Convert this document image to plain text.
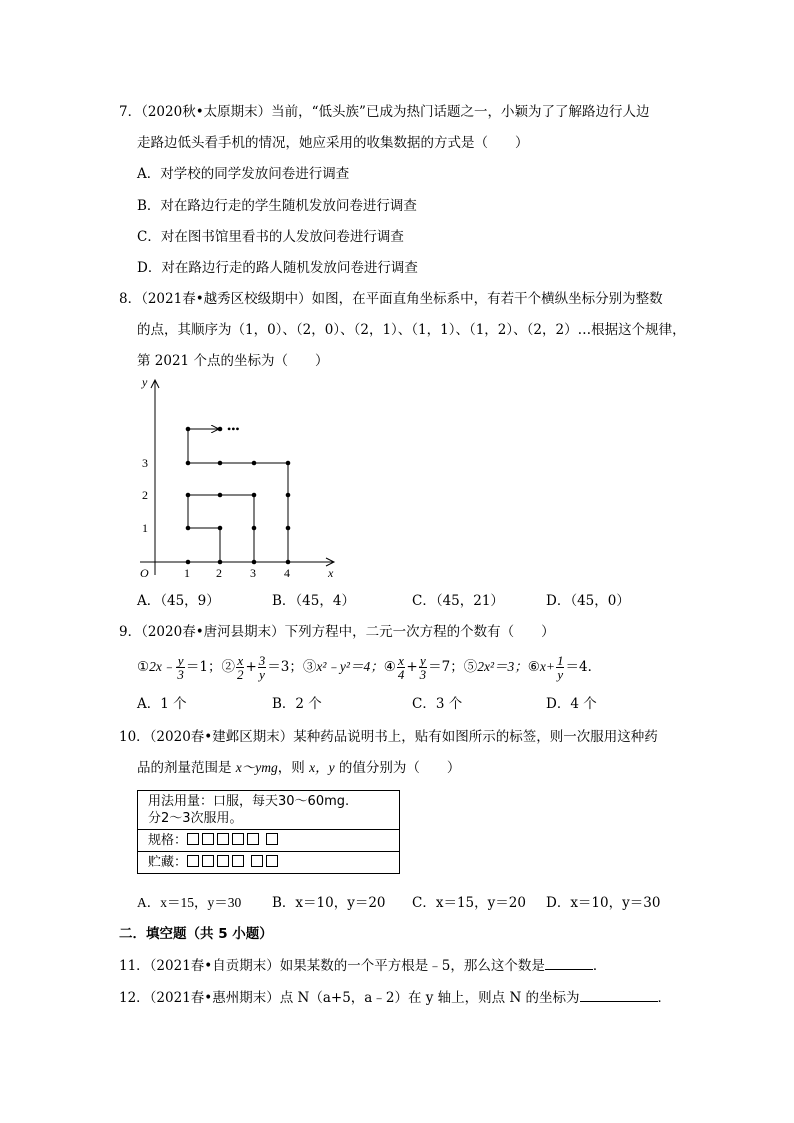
7．（2020秋•太原期末）当前，“低头族”已成为热门话题之一，小颖为了了解路边行人边
走路边低头看手机的情况，她应采用的收集数据的方式是（　　）
A．对学校的同学发放问卷进行调查
B．对在路边行走的学生随机发放问卷进行调查
C．对在图书馆里看书的人发放问卷进行调查
D．对在路边行走的路人随机发放问卷进行调查
8．（2021春•越秀区校级期中）如图，在平面直角坐标系中，有若干个横纵坐标分别为整数
的点，其顺序为（1，0）、（2，0）、（2，1）、（1，1）、（1，2）、（2，2）…根据这个规律，
第 2021 个点的坐标为（　　）
•••
y
x
O	1 2 3 4
1
2
3
A．（45，9）	B．（45，4）	C．（45，21）	D．（45，0）
9．（2020春•唐河县期末）下列方程中，二元一次方程的个数有（　　）
①2x﹣ $\frac{y}{3} =1$；② $\frac{x}{2} + \frac{3}{y} =3$；③x²﹣y²＝4；④ $\frac{x}{4} + \frac{y}{3} =7$；⑤2x²＝3；⑥x+ $\frac{1}{y} =4$．
A．1 个	B．2 个	C．3 个	D．4 个
10．（2020春•建邺区期末）某种药品说明书上，贴有如图所示的标签，则一次服用这种药
品的剂量范围是 x～ymg，则 x，y 的值分别为（　　）
用法用量：口服，每天30～60mg.
分2～3次服用。

规格：
贮藏：
A．x＝15，y＝30 B．x＝10，y＝20 C．x＝15，y＝20 D．x＝10，y＝30
二．填空题（共 5 小题）
11．（2021春•自贡期末）如果某数的一个平方根是﹣5，那么这个数是	．
12．（2021春•惠州期末）点 N（a+5，a﹣2）在 y 轴上，则点 N 的坐标为	．
